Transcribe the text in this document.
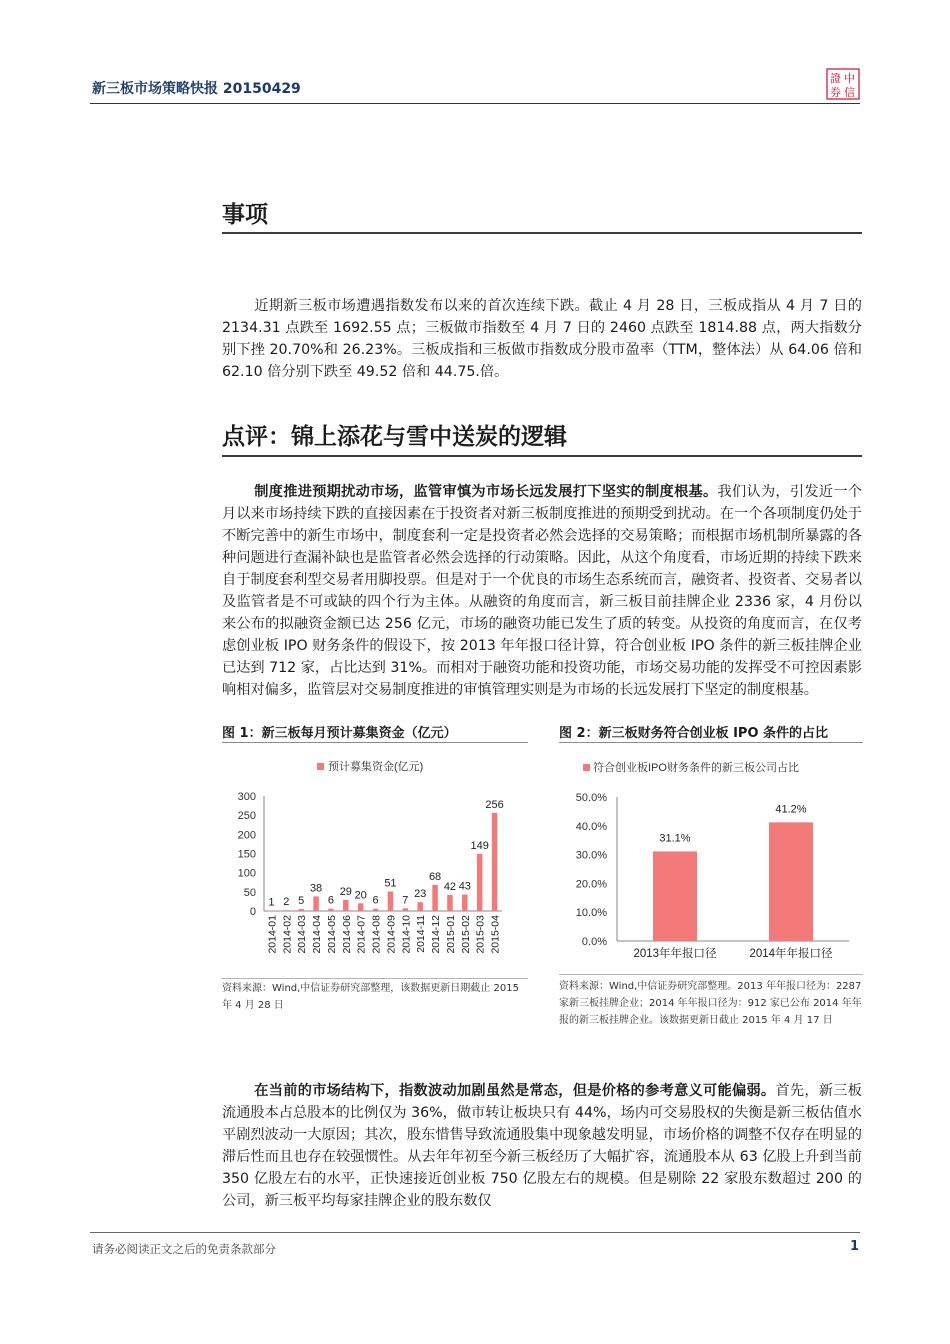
新三板市场策略快报 20150429
證 中
券 信
事项
近期新三板市场遭遇指数发布以来的首次连续下跌。截止 4 月 28 日，三板成指从 4 月 7 日的 2134.31 点跌至 1692.55 点；三板做市指数至 4 月 7 日的 2460 点跌至 1814.88 点，两大指数分别下挫 20.70%和 26.23%。三板成指和三板做市指数成分股市盈率（TTM，整体法）从 64.06 倍和 62.10 倍分别下跌至 49.52 倍和 44.75.倍。
点评：锦上添花与雪中送炭的逻辑
制度推进预期扰动市场，监管审慎为市场长远发展打下坚实的制度根基。我们认为，引发近一个月以来市场持续下跌的直接因素在于投资者对新三板制度推进的预期受到扰动。在一个各项制度仍处于不断完善中的新生市场中，制度套利一定是投资者必然会选择的交易策略；而根据市场机制所暴露的各种问题进行查漏补缺也是监管者必然会选择的行动策略。因此，从这个角度看，市场近期的持续下跌来自于制度套利型交易者用脚投票。但是对于一个优良的市场生态系统而言，融资者、投资者、交易者以及监管者是不可或缺的四个行为主体。从融资的角度而言，新三板目前挂牌企业 2336 家，4 月份以来公布的拟融资金额已达 256 亿元，市场的融资功能已发生了质的转变。从投资的角度而言，在仅考虑创业板 IPO 财务条件的假设下，按 2013 年年报口径计算，符合创业板 IPO 条件的新三板挂牌企业已达到 712 家，占比达到 31%。而相对于融资功能和投资功能，市场交易功能的发挥受不可控因素影响相对偏多，监管层对交易制度推进的审慎管理实则是为市场的长远发展打下坚定的制度根基。
图 1：新三板每月预计募集资金（亿元）
预计募集资金(亿元)
0
50
100
150
200
250
300
1
2014-01
2
2014-02
5
2014-03
38
2014-04
6
2014-05
29
2014-06
20
2014-07
6
2014-08
51
2014-09
7
2014-10
23
2014-11
68
2014-12
42
2015-01
43
2015-02
149
2015-03
256
2015-04
资料来源：Wind,中信证券研究部整理，该数据更新日期截止 2015 年 4 月 28 日
图 2：新三板财务符合创业板 IPO 条件的占比
符合创业板IPO财务条件的新三板公司占比
0.0%
10.0%
20.0%
30.0%
40.0%
50.0%
31.1%
2013年年报口径
41.2%
2014年年报口径
资料来源：Wind,中信证券研究部整理。2013 年年报口径为：2287 家新三板挂牌企业；2014 年年报口径为：912 家已公布 2014 年年报的新三板挂牌企业。该数据更新日截止 2015 年 4 月 17 日
在当前的市场结构下，指数波动加剧虽然是常态，但是价格的参考意义可能偏弱。首先，新三板流通股本占总股本的比例仅为 36%，做市转让板块只有 44%，场内可交易股权的失衡是新三板估值水平剧烈波动一大原因；其次，股东惜售导致流通股集中现象越发明显，市场价格的调整不仅存在明显的滞后性而且也存在较强惯性。从去年年初至今新三板经历了大幅扩容，流通股本从 63 亿股上升到当前 350 亿股左右的水平，正快速接近创业板 750 亿股左右的规模。但是剔除 22 家股东数超过 200 的公司，新三板平均每家挂牌企业的股东数仅
请务必阅读正文之后的免责条款部分	1
